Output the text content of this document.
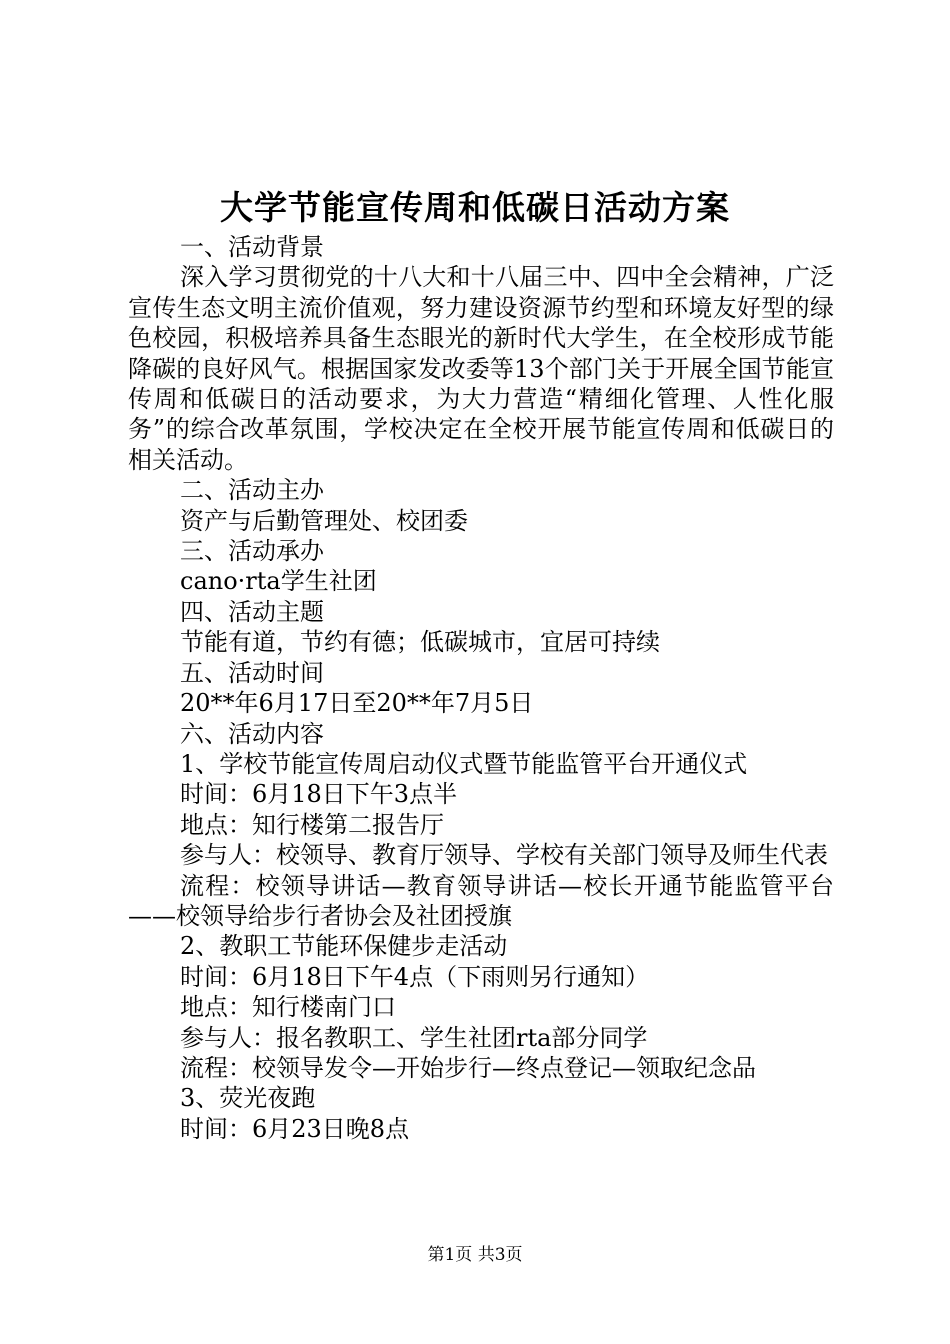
大学节能宣传周和低碳日活动方案

一、活动背景

深入学习贯彻党的十八大和十八届三中、四中全会精神，广泛宣传生态文明主流价值观，努力建设资源节约型和环境友好型的绿色校园，积极培养具备生态眼光的新时代大学生，在全校形成节能降碳的良好风气。根据国家发改委等13个部门关于开展全国节能宣传周和低碳日的活动要求，为大力营造“精细化管理、人性化服务”的综合改革氛围，学校决定在全校开展节能宣传周和低碳日的相关活动。

二、活动主办

资产与后勤管理处、校团委

三、活动承办

cano·rta学生社团

四、活动主题

节能有道，节约有德；低碳城市，宜居可持续

五、活动时间

20**年6月17日至20**年7月5日

六、活动内容

1、学校节能宣传周启动仪式暨节能监管平台开通仪式

时间：6月18日下午3点半

地点：知行楼第二报告厅

参与人：校领导、教育厅领导、学校有关部门领导及师生代表

流程：校领导讲话—教育领导讲话—校长开通节能监管平台——校领导给步行者协会及社团授旗

2、教职工节能环保健步走活动

时间：6月18日下午4点（下雨则另行通知）

地点：知行楼南门口

参与人：报名教职工、学生社团rta部分同学

流程：校领导发令—开始步行—终点登记—领取纪念品

3、荧光夜跑

时间：6月23日晚8点

第1页 共3页
